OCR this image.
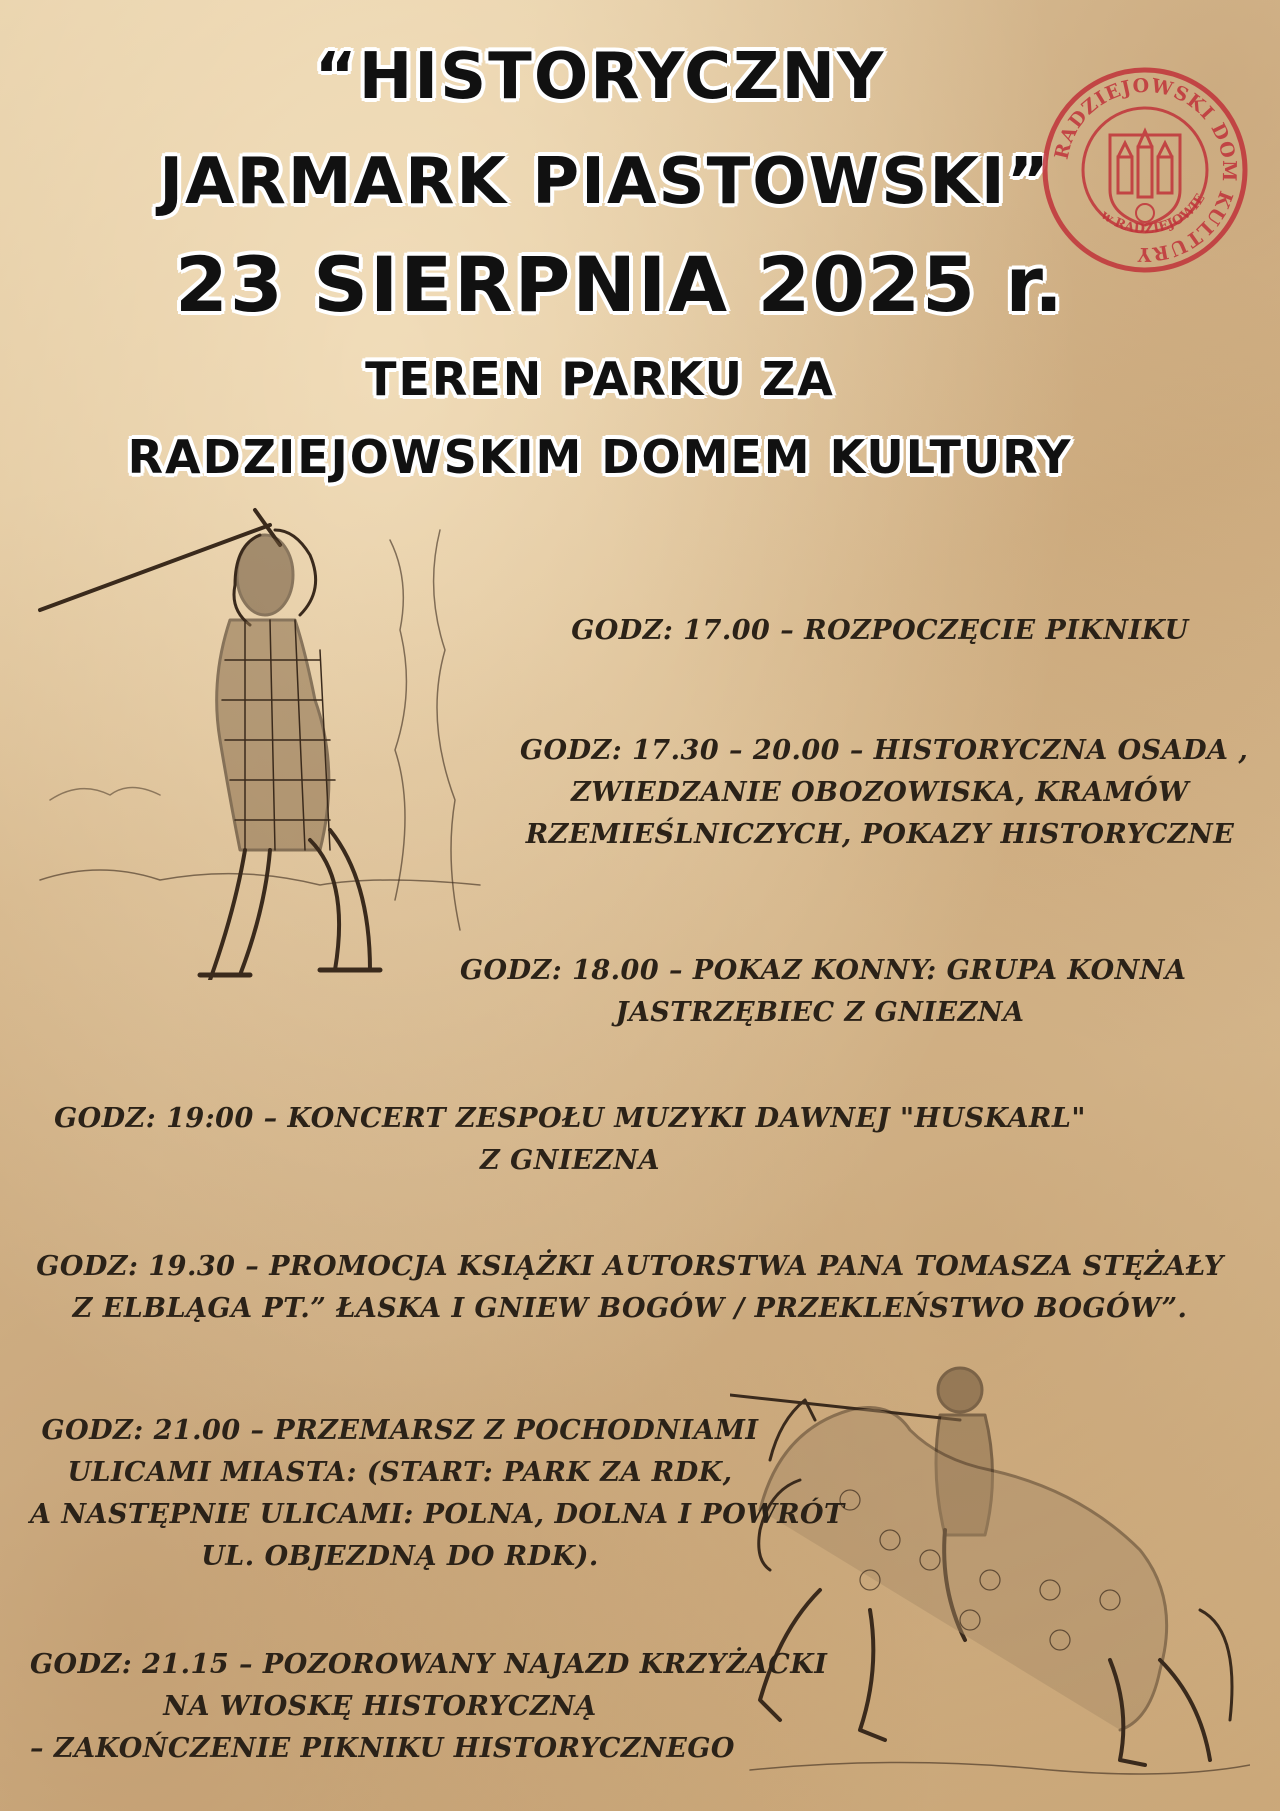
“HISTORYCZNY
JARMARK PIASTOWSKI”
23 SIERPNIA 2025 r.
TEREN PARKU ZA
RADZIEJOWSKIM DOMEM KULTURY
RADZIEJOWSKI DOM KULTURY
w RADZIEJOWIE
GODZ: 17.00 – ROZPOCZĘCIE PIKNIKU
GODZ: 17.30 – 20.00 – HISTORYCZNA OSADA ,
ZWIEDZANIE OBOZOWISKA, KRAMÓW
RZEMIEŚLNICZYCH, POKAZY HISTORYCZNE
GODZ: 18.00 – POKAZ KONNY: GRUPA KONNA
JASTRZĘBIEC Z GNIEZNA
GODZ: 19:00 – KONCERT ZESPOŁU MUZYKI DAWNEJ "HUSKARL"
Z GNIEZNA
GODZ: 19.30 – PROMOCJA KSIĄŻKI AUTORSTWA PANA TOMASZA STĘŻAŁY
Z ELBLĄGA PT.” ŁASKA I GNIEW BOGÓW / PRZEKLEŃSTWO BOGÓW”.
GODZ: 21.00 – PRZEMARSZ Z POCHODNIAMI
ULICAMI MIASTA: (START: PARK ZA RDK,
A NASTĘPNIE ULICAMI: POLNA, DOLNA I POWRÓT
UL. OBJEZDNĄ DO RDK).
GODZ: 21.15 – POZOROWANY NAJAZD KRZYŻACKI
NA WIOSKĘ HISTORYCZNĄ
– ZAKOŃCZENIE PIKNIKU HISTORYCZNEGO
